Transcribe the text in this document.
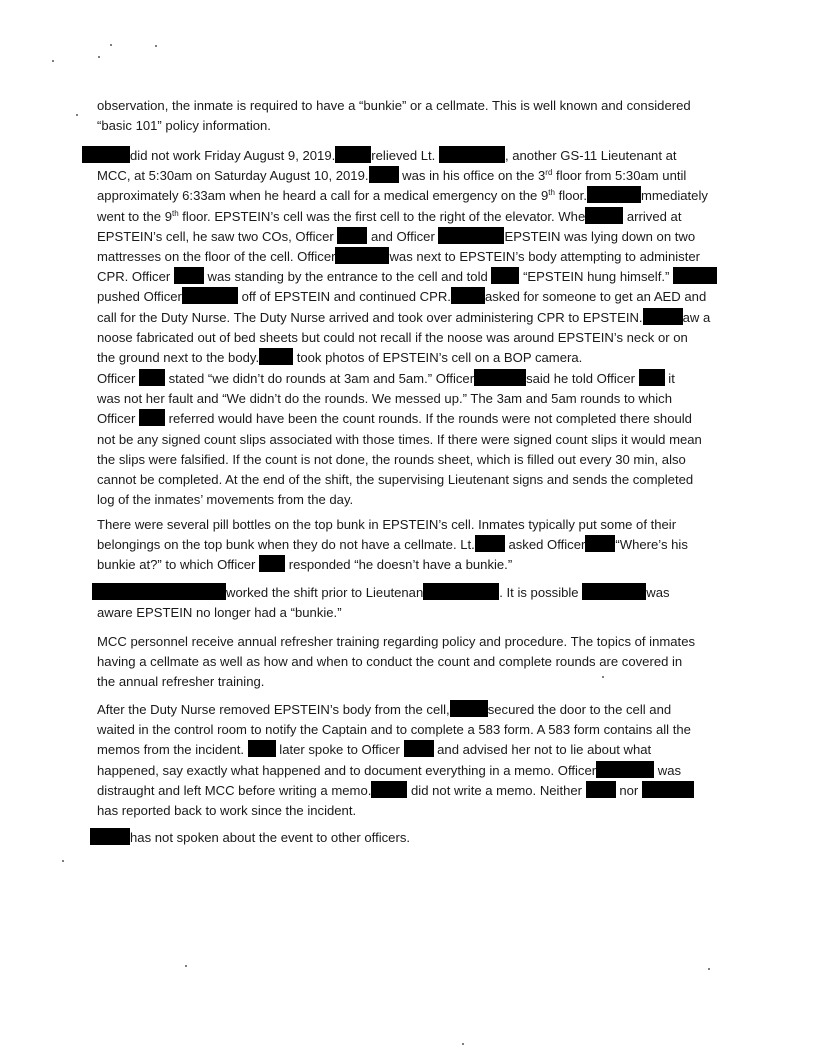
observation, the inmate is required to have a “bunkie” or a cellmate. This is well known and considered
“basic 101” policy information.

did not work Friday August 9, 2019.	relieved Lt.	, another GS-11 Lieutenant at
MCC, at 5:30am on Saturday August 10, 2019.	was in his office on the 3rd floor from 5:30am until
approximately 6:33am when he heard a call for a medical emergency on the 9th floor.	mmediately
went to the 9th floor. EPSTEIN’s cell was the first cell to the right of the elevator. Whe	arrived at
EPSTEIN’s cell, he saw two COs, Officer	and Officer	EPSTEIN was lying down on two
mattresses on the floor of the cell. Officer	was next to EPSTEIN’s body attempting to administer
CPR. Officer	was standing by the entrance to the cell and told	“EPSTEIN hung himself.”
pushed Officer	off of EPSTEIN and continued CPR.	asked for someone to get an AED and
call for the Duty Nurse. The Duty Nurse arrived and took over administering CPR to EPSTEIN.	aw a
noose fabricated out of bed sheets but could not recall if the noose was around EPSTEIN’s neck or on
the ground next to the body.	took photos of EPSTEIN’s cell on a BOP camera.

Officer	stated “we didn’t do rounds at 3am and 5am.” Officer	said he told Officer	it
was not her fault and “We didn’t do the rounds. We messed up.” The 3am and 5am rounds to which
Officer	referred would have been the count rounds. If the rounds were not completed there should
not be any signed count slips associated with those times. If there were signed count slips it would mean
the slips were falsified. If the count is not done, the rounds sheet, which is filled out every 30 min, also
cannot be completed. At the end of the shift, the supervising Lieutenant signs and sends the completed
log of the inmates’ movements from the day.

There were several pill bottles on the top bunk in EPSTEIN’s cell. Inmates typically put some of their
belongings on the top bunk when they do not have a cellmate. Lt.	asked Officer “Where’s his
bunkie at?” to which Officer	responded “he doesn’t have a bunkie.”

worked the shift prior to Lieutenan	. It is possible	was
aware EPSTEIN no longer had a “bunkie.”

MCC personnel receive annual refresher training regarding policy and procedure. The topics of inmates
having a cellmate as well as how and when to conduct the count and complete rounds are covered in
the annual refresher training.

After the Duty Nurse removed EPSTEIN’s body from the cell,	secured the door to the cell and
waited in the control room to notify the Captain and to complete a 583 form. A 583 form contains all the
memos from the incident.	later spoke to Officer	and advised her not to lie about what
happened, say exactly what happened and to document everything in a memo. Officer	was
distraught and left MCC before writing a memo.	did not write a memo. Neither	nor
has reported back to work since the incident.

has not spoken about the event to other officers.
